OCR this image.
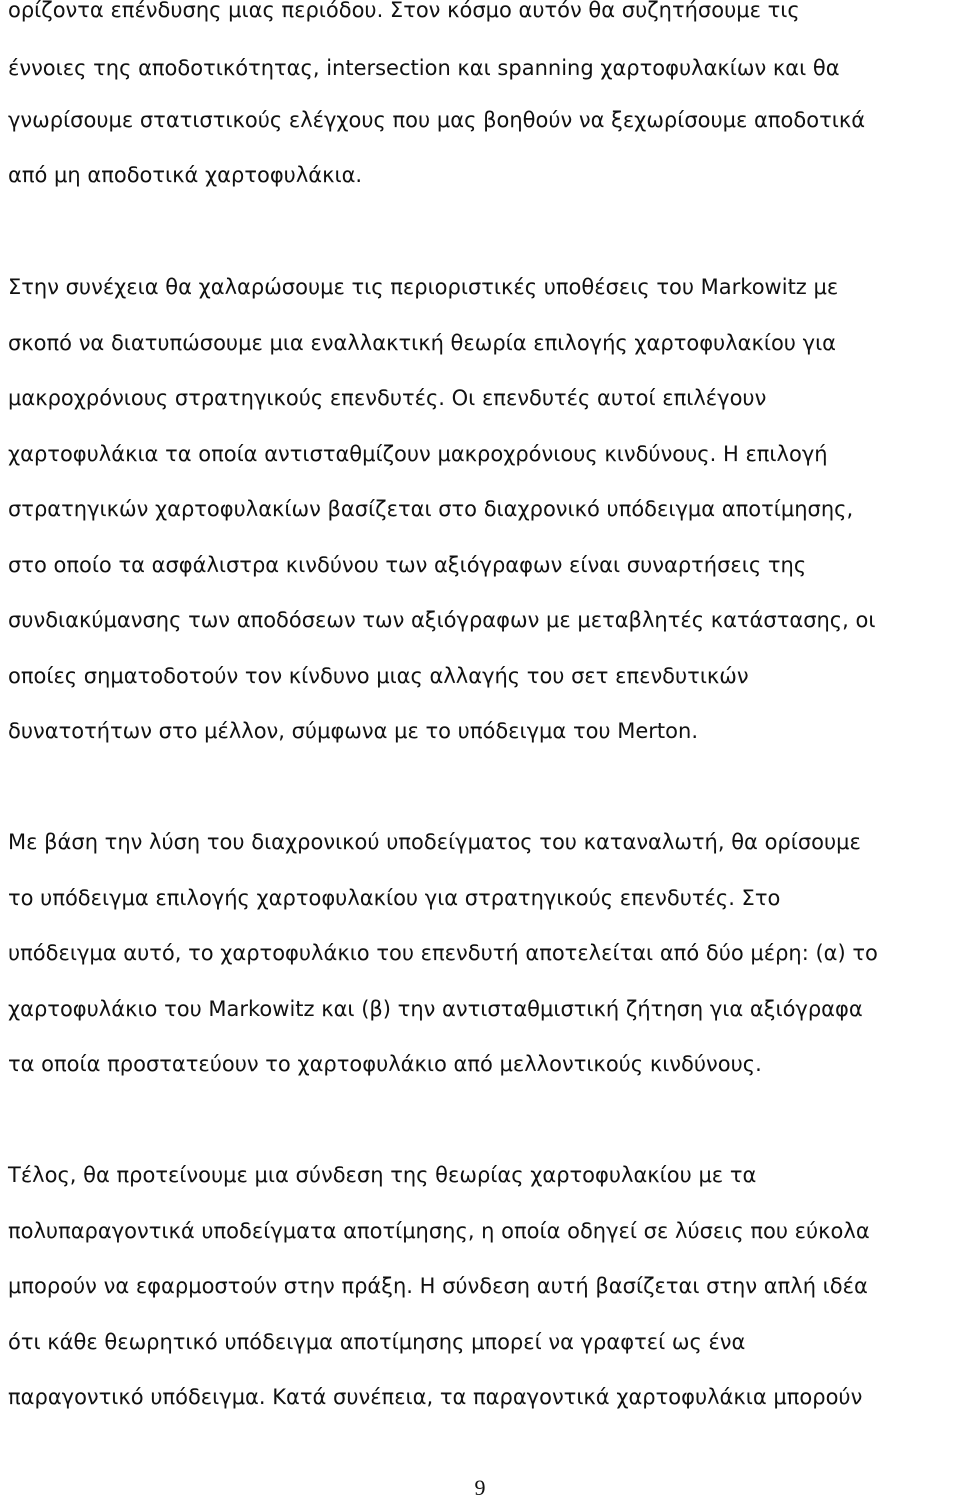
ορίζοντα επένδυσης μιας περιόδου. Στον κόσμο αυτόν θα συζητήσουμε τις
έννοιες της αποδοτικότητας, intersection και spanning χαρτοφυλακίων και θα
γνωρίσουμε στατιστικούς ελέγχους που μας βοηθούν να ξεχωρίσουμε αποδοτικά
από μη αποδοτικά χαρτοφυλάκια.
Στην συνέχεια θα χαλαρώσουμε τις περιοριστικές υποθέσεις του Markowitz με
σκοπό να διατυπώσουμε μια εναλλακτική θεωρία επιλογής χαρτοφυλακίου για
μακροχρόνιους στρατηγικούς επενδυτές. Οι επενδυτές αυτοί επιλέγουν
χαρτοφυλάκια τα οποία αντισταθμίζουν μακροχρόνιους κινδύνους. Η επιλογή
στρατηγικών χαρτοφυλακίων βασίζεται στο διαχρονικό υπόδειγμα αποτίμησης,
στο οποίο τα ασφάλιστρα κινδύνου των αξιόγραφων είναι συναρτήσεις της
συνδιακύμανσης των αποδόσεων των αξιόγραφων με μεταβλητές κατάστασης, οι
οποίες σηματοδοτούν τον κίνδυνο μιας αλλαγής του σετ επενδυτικών
δυνατοτήτων στο μέλλον, σύμφωνα με το υπόδειγμα του Merton.
Με βάση την λύση του διαχρονικού υποδείγματος του καταναλωτή, θα ορίσουμε
το υπόδειγμα επιλογής χαρτοφυλακίου για στρατηγικούς επενδυτές. Στο
υπόδειγμα αυτό, το χαρτοφυλάκιο του επενδυτή αποτελείται από δύο μέρη: (α) το
χαρτοφυλάκιο του Markowitz και (β) την αντισταθμιστική ζήτηση για αξιόγραφα
τα οποία προστατεύουν το χαρτοφυλάκιο από μελλοντικούς κινδύνους.
Τέλος, θα προτείνουμε μια σύνδεση της θεωρίας χαρτοφυλακίου με τα
πολυπαραγοντικά υποδείγματα αποτίμησης, η οποία οδηγεί σε λύσεις που εύκολα
μπορούν να εφαρμοστούν στην πράξη. Η σύνδεση αυτή βασίζεται στην απλή ιδέα
ότι κάθε θεωρητικό υπόδειγμα αποτίμησης μπορεί να γραφτεί ως ένα
παραγοντικό υπόδειγμα. Κατά συνέπεια, τα παραγοντικά χαρτοφυλάκια μπορούν
9
